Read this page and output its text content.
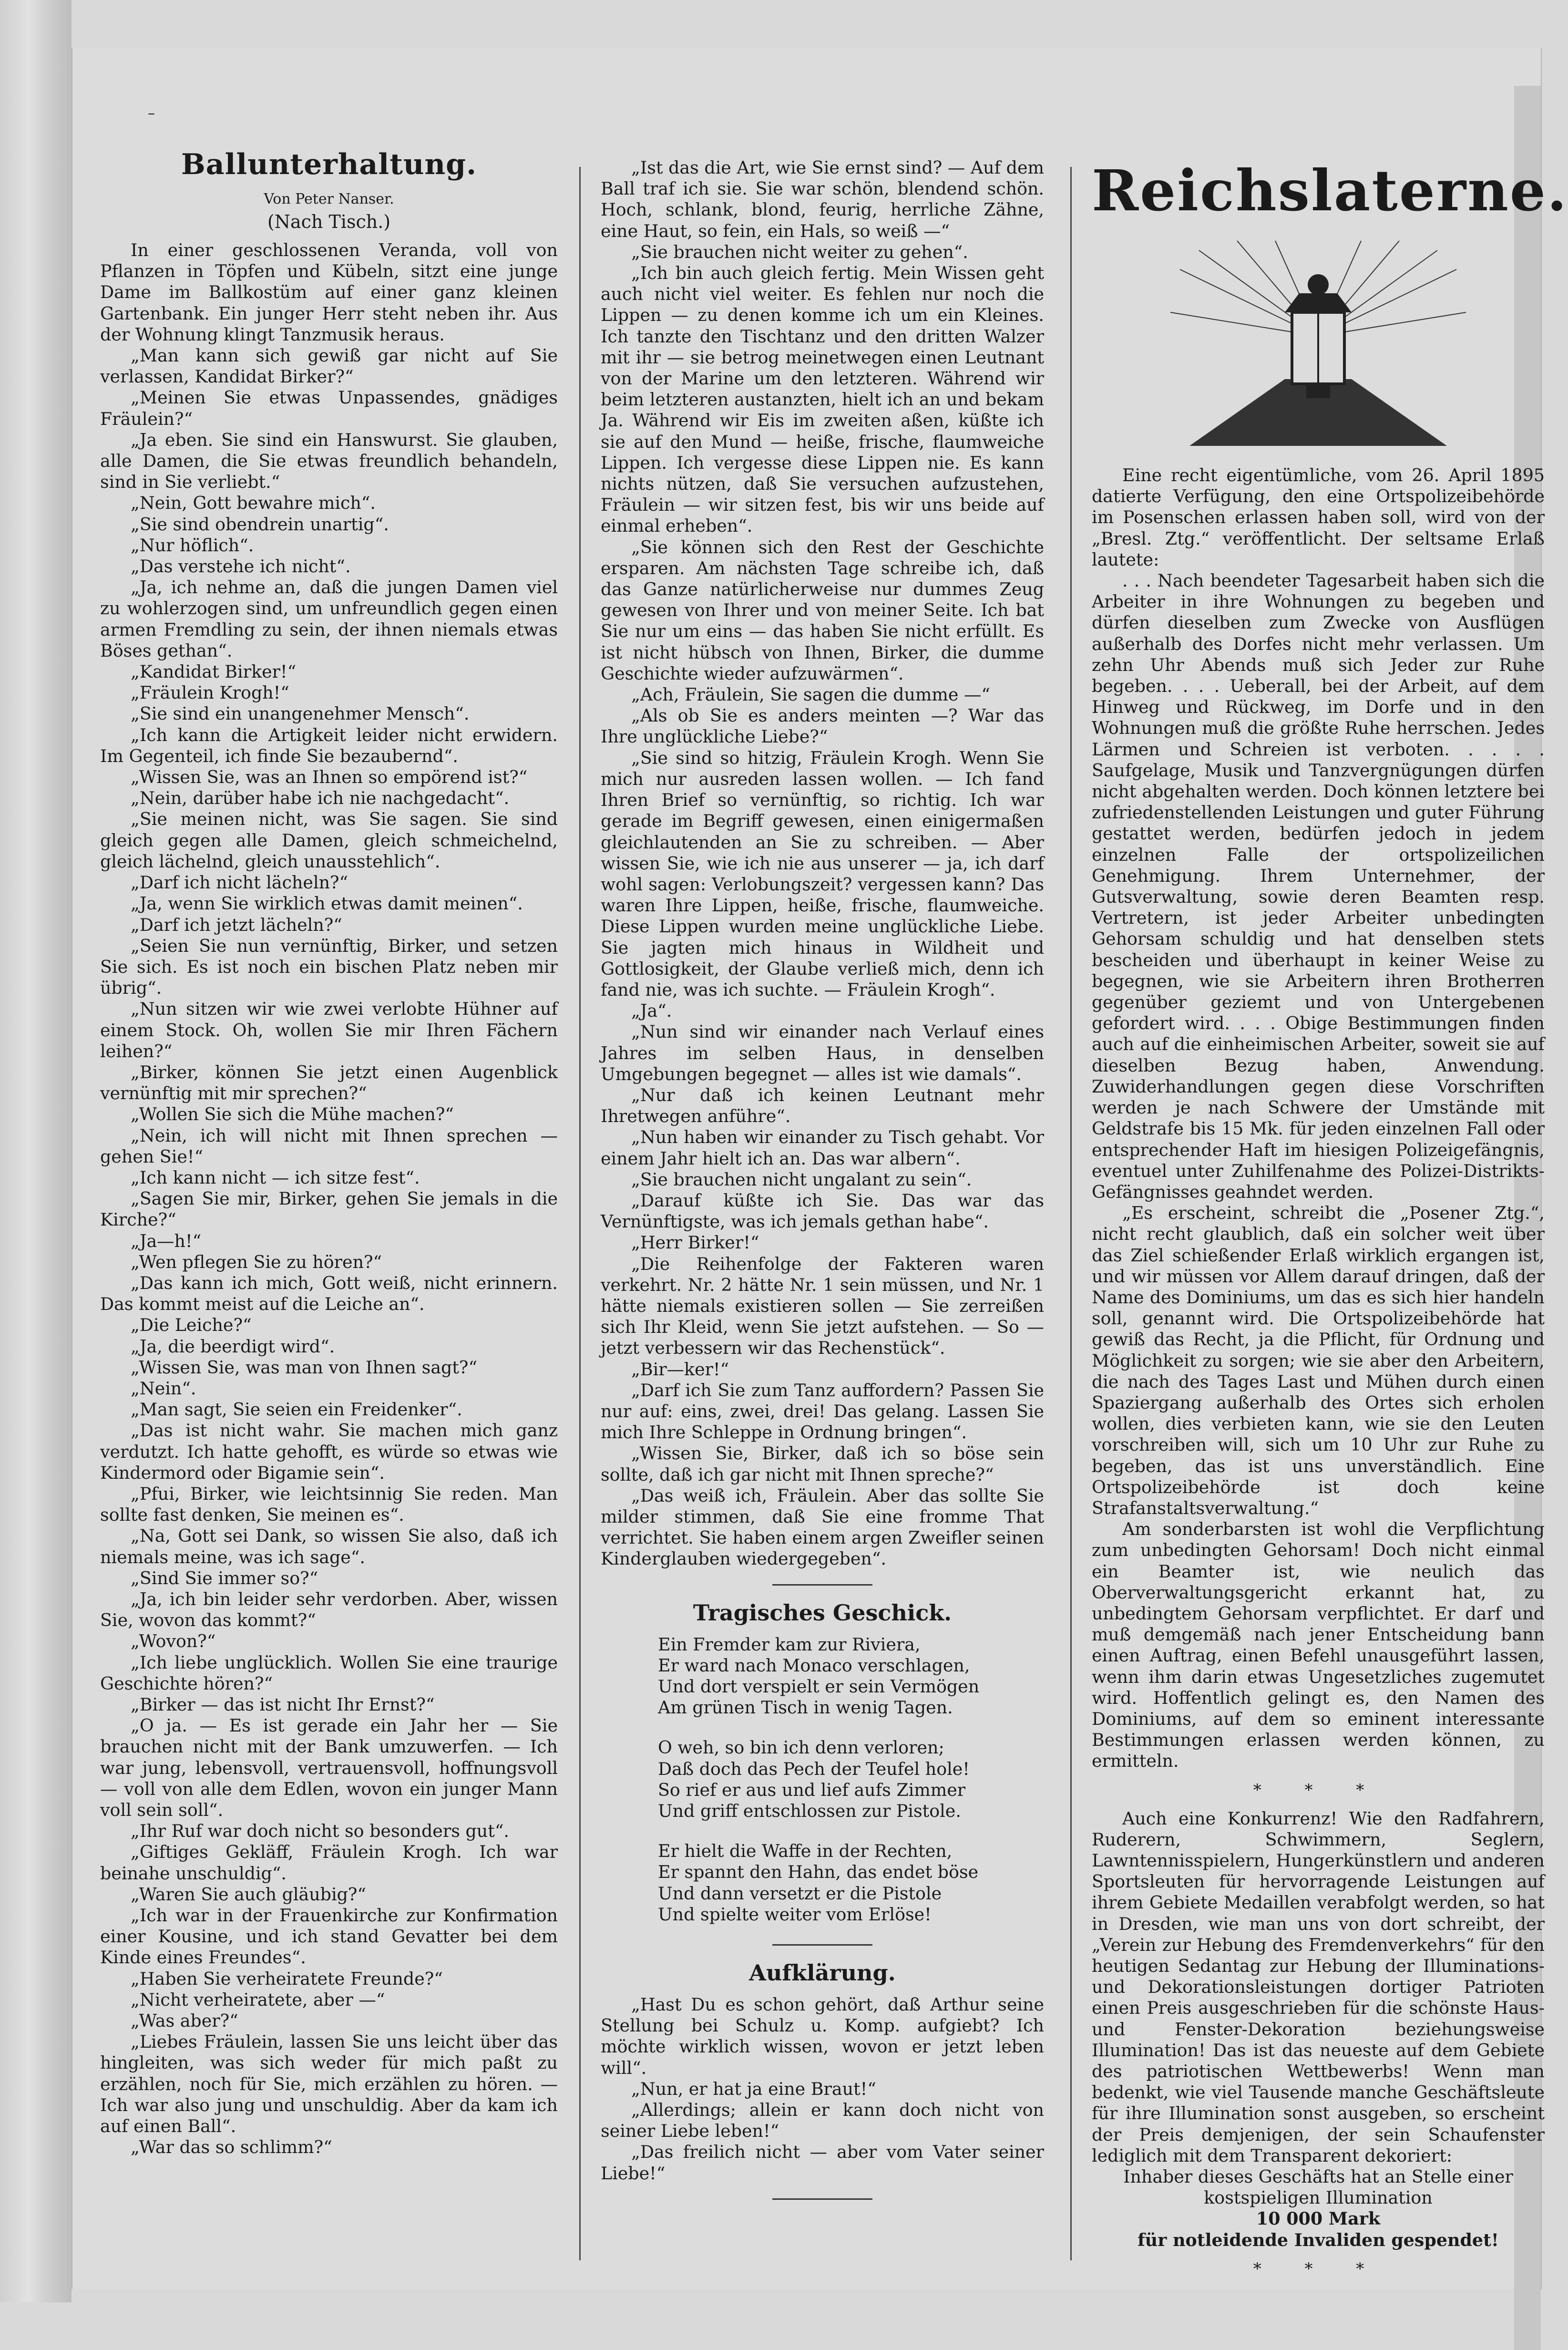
–
Ballunterhaltung.
Von Peter Nanser.
(Nach Tisch.)

In einer geschlossenen Veranda, voll von Pflanzen in Töpfen und Kübeln, sitzt eine junge Dame im Ballkostüm auf einer ganz kleinen Gartenbank. Ein junger Herr steht neben ihr. Aus der Wohnung klingt Tanzmusik heraus.

„Man kann sich gewiß gar nicht auf Sie verlassen, Kandidat Birker?“

„Meinen Sie etwas Unpassendes, gnädiges Fräulein?“

„Ja eben. Sie sind ein Hanswurst. Sie glauben, alle Damen, die Sie etwas freundlich behandeln, sind in Sie verliebt.“

„Nein, Gott bewahre mich“.

„Sie sind obendrein unartig“.

„Nur höflich“.

„Das verstehe ich nicht“.

„Ja, ich nehme an, daß die jungen Damen viel zu wohlerzogen sind, um unfreundlich gegen einen armen Fremdling zu sein, der ihnen niemals etwas Böses gethan“.

„Kandidat Birker!“

„Fräulein Krogh!“

„Sie sind ein unangenehmer Mensch“.

„Ich kann die Artigkeit leider nicht erwidern. Im Gegenteil, ich finde Sie bezaubernd“.

„Wissen Sie, was an Ihnen so empörend ist?“

„Nein, darüber habe ich nie nachgedacht“.

„Sie meinen nicht, was Sie sagen. Sie sind gleich gegen alle Damen, gleich schmeichelnd, gleich lächelnd, gleich unausstehlich“.

„Darf ich nicht lächeln?“

„Ja, wenn Sie wirklich etwas damit meinen“.

„Darf ich jetzt lächeln?“

„Seien Sie nun vernünftig, Birker, und setzen Sie sich. Es ist noch ein bischen Platz neben mir übrig“.

„Nun sitzen wir wie zwei verlobte Hühner auf einem Stock. Oh, wollen Sie mir Ihren Fächern leihen?“

„Birker, können Sie jetzt einen Augenblick vernünftig mit mir sprechen?“

„Wollen Sie sich die Mühe machen?“

„Nein, ich will nicht mit Ihnen sprechen — gehen Sie!“

„Ich kann nicht — ich sitze fest“.

„Sagen Sie mir, Birker, gehen Sie jemals in die Kirche?“

„Ja—h!“

„Wen pflegen Sie zu hören?“

„Das kann ich mich, Gott weiß, nicht erinnern. Das kommt meist auf die Leiche an“.

„Die Leiche?“

„Ja, die beerdigt wird“.

„Wissen Sie, was man von Ihnen sagt?“

„Nein“.

„Man sagt, Sie seien ein Freidenker“.

„Das ist nicht wahr. Sie machen mich ganz verdutzt. Ich hatte gehofft, es würde so etwas wie Kindermord oder Bigamie sein“.

„Pfui, Birker, wie leichtsinnig Sie reden. Man sollte fast denken, Sie meinen es“.

„Na, Gott sei Dank, so wissen Sie also, daß ich niemals meine, was ich sage“.

„Sind Sie immer so?“

„Ja, ich bin leider sehr verdorben. Aber, wissen Sie, wovon das kommt?“

„Wovon?“

„Ich liebe unglücklich. Wollen Sie eine traurige Geschichte hören?“

„Birker — das ist nicht Ihr Ernst?“

„O ja. — Es ist gerade ein Jahr her — Sie brauchen nicht mit der Bank umzuwerfen. — Ich war jung, lebensvoll, vertrauensvoll, hoffnungsvoll — voll von alle dem Edlen, wovon ein junger Mann voll sein soll“.

„Ihr Ruf war doch nicht so besonders gut“.

„Giftiges Gekläff, Fräulein Krogh. Ich war beinahe unschuldig“.

„Waren Sie auch gläubig?“

„Ich war in der Frauenkirche zur Konfirmation einer Kousine, und ich stand Gevatter bei dem Kinde eines Freundes“.

„Haben Sie verheiratete Freunde?“

„Nicht verheiratete, aber —“

„Was aber?“

„Liebes Fräulein, lassen Sie uns leicht über das hingleiten, was sich weder für mich paßt zu erzählen, noch für Sie, mich erzählen zu hören. — Ich war also jung und unschuldig. Aber da kam ich auf einen Ball“.

„War das so schlimm?“

„Ist das die Art, wie Sie ernst sind? — Auf dem Ball traf ich sie. Sie war schön, blendend schön. Hoch, schlank, blond, feurig, herrliche Zähne, eine Haut, so fein, ein Hals, so weiß —“

„Sie brauchen nicht weiter zu gehen“.

„Ich bin auch gleich fertig. Mein Wissen geht auch nicht viel weiter. Es fehlen nur noch die Lippen — zu denen komme ich um ein Kleines. Ich tanzte den Tischtanz und den dritten Walzer mit ihr — sie betrog meinetwegen einen Leutnant von der Marine um den letzteren. Während wir beim letzteren austanzten, hielt ich an und bekam Ja. Während wir Eis im zweiten aßen, küßte ich sie auf den Mund — heiße, frische, flaumweiche Lippen. Ich vergesse diese Lippen nie. Es kann nichts nützen, daß Sie versuchen aufzustehen, Fräulein — wir sitzen fest, bis wir uns beide auf einmal erheben“.

„Sie können sich den Rest der Geschichte ersparen. Am nächsten Tage schreibe ich, daß das Ganze natürlicherweise nur dummes Zeug gewesen von Ihrer und von meiner Seite. Ich bat Sie nur um eins — das haben Sie nicht erfüllt. Es ist nicht hübsch von Ihnen, Birker, die dumme Geschichte wieder aufzuwärmen“.

„Ach, Fräulein, Sie sagen die dumme —“

„Als ob Sie es anders meinten —? War das Ihre unglückliche Liebe?“

„Sie sind so hitzig, Fräulein Krogh. Wenn Sie mich nur ausreden lassen wollen. — Ich fand Ihren Brief so vernünftig, so richtig. Ich war gerade im Begriff gewesen, einen einigermaßen gleichlautenden an Sie zu schreiben. — Aber wissen Sie, wie ich nie aus unserer — ja, ich darf wohl sagen: Verlobungszeit? vergessen kann? Das waren Ihre Lippen, heiße, frische, flaumweiche. Diese Lippen wurden meine unglückliche Liebe. Sie jagten mich hinaus in Wildheit und Gottlosigkeit, der Glaube verließ mich, denn ich fand nie, was ich suchte. — Fräulein Krogh“.

„Ja“.

„Nun sind wir einander nach Verlauf eines Jahres im selben Haus, in denselben Umgebungen begegnet — alles ist wie damals“.

„Nur daß ich keinen Leutnant mehr Ihretwegen anführe“.

„Nun haben wir einander zu Tisch gehabt. Vor einem Jahr hielt ich an. Das war albern“.

„Sie brauchen nicht ungalant zu sein“.

„Darauf küßte ich Sie. Das war das Vernünftigste, was ich jemals gethan habe“.

„Herr Birker!“

„Die Reihenfolge der Fakteren waren verkehrt. Nr. 2 hätte Nr. 1 sein müssen, und Nr. 1 hätte niemals existieren sollen — Sie zerreißen sich Ihr Kleid, wenn Sie jetzt aufstehen. — So — jetzt verbessern wir das Rechenstück“.

„Bir—ker!“

„Darf ich Sie zum Tanz auffordern? Passen Sie nur auf: eins, zwei, drei! Das gelang. Lassen Sie mich Ihre Schleppe in Ordnung bringen“.

„Wissen Sie, Birker, daß ich so böse sein sollte, daß ich gar nicht mit Ihnen spreche?“

„Das weiß ich, Fräulein. Aber das sollte Sie milder stimmen, daß Sie eine fromme That verrichtet. Sie haben einem argen Zweifler seinen Kinderglauben wiedergegeben“.

Tragisches Geschick.
Ein Fremder kam zur Riviera,
Er ward nach Monaco verschlagen,
Und dort verspielt er sein Vermögen
Am grünen Tisch in wenig Tagen.
O weh, so bin ich denn verloren;
Daß doch das Pech der Teufel hole!
So rief er aus und lief aufs Zimmer
Und griff entschlossen zur Pistole.
Er hielt die Waffe in der Rechten,
Er spannt den Hahn, das endet böse
Und dann versetzt er die Pistole
Und spielte weiter vom Erlöse!
Aufklärung.

„Hast Du es schon gehört, daß Arthur seine Stellung bei Schulz u. Komp. aufgiebt? Ich möchte wirklich wissen, wovon er jetzt leben will“.

„Nun, er hat ja eine Braut!“

„Allerdings; allein er kann doch nicht von seiner Liebe leben!“

„Das freilich nicht — aber vom Vater seiner Liebe!“

Reichslaterne.

Eine recht eigentümliche, vom 26. April 1895 datierte Verfügung, den eine Ortspolizeibehörde im Posenschen erlassen haben soll, wird von der „Bresl. Ztg.“ veröffentlicht. Der seltsame Erlaß lautete:

. . . Nach beendeter Tagesarbeit haben sich die Arbeiter in ihre Wohnungen zu begeben und dürfen dieselben zum Zwecke von Ausflügen außerhalb des Dorfes nicht mehr verlassen. Um zehn Uhr Abends muß sich Jeder zur Ruhe begeben. . . . Ueberall, bei der Arbeit, auf dem Hinweg und Rückweg, im Dorfe und in den Wohnungen muß die größte Ruhe herrschen. Jedes Lärmen und Schreien ist verboten. . . . . Saufgelage, Musik und Tanzvergnügungen dürfen nicht abgehalten werden. Doch können letztere bei zufriedenstellenden Leistungen und guter Führung gestattet werden, bedürfen jedoch in jedem einzelnen Falle der ortspolizeilichen Genehmigung. Ihrem Unternehmer, der Gutsverwaltung, sowie deren Beamten resp. Vertretern, ist jeder Arbeiter unbedingten Gehorsam schuldig und hat denselben stets bescheiden und überhaupt in keiner Weise zu begegnen, wie sie Arbeitern ihren Brotherren gegenüber geziemt und von Untergebenen gefordert wird. . . . Obige Bestimmungen finden auch auf die einheimischen Arbeiter, soweit sie auf dieselben Bezug haben, Anwendung. Zuwiderhandlungen gegen diese Vorschriften werden je nach Schwere der Umstände mit Geldstrafe bis 15 Mk. für jeden einzelnen Fall oder entsprechender Haft im hiesigen Polizeigefängnis, eventuel unter Zuhilfenahme des Polizei-Distrikts-Gefängnisses geahndet werden.

„Es erscheint, schreibt die „Posener Ztg.“, nicht recht glaublich, daß ein solcher weit über das Ziel schießender Erlaß wirklich ergangen ist, und wir müssen vor Allem darauf dringen, daß der Name des Dominiums, um das es sich hier handeln soll, genannt wird. Die Ortspolizeibehörde hat gewiß das Recht, ja die Pflicht, für Ordnung und Möglichkeit zu sorgen; wie sie aber den Arbeitern, die nach des Tages Last und Mühen durch einen Spaziergang außerhalb des Ortes sich erholen wollen, dies verbieten kann, wie sie den Leuten vorschreiben will, sich um 10 Uhr zur Ruhe zu begeben, das ist uns unverständlich. Eine Ortspolizeibehörde ist doch keine Strafanstaltsverwaltung.“

Am sonderbarsten ist wohl die Verpflichtung zum unbedingten Gehorsam! Doch nicht einmal ein Beamter ist, wie neulich das Oberverwaltungsgericht erkannt hat, zu unbedingtem Gehorsam verpflichtet. Er darf und muß demgemäß nach jener Entscheidung bann einen Auftrag, einen Befehl unausgeführt lassen, wenn ihm darin etwas Ungesetzliches zugemutet wird. Hoffentlich gelingt es, den Namen des Dominiums, auf dem so eminent interessante Bestimmungen erlassen werden können, zu ermitteln.

* * *

Auch eine Konkurrenz! Wie den Radfahrern, Ruderern, Schwimmern, Seglern, Lawntennisspielern, Hungerkünstlern und anderen Sportsleuten für hervorragende Leistungen auf ihrem Gebiete Medaillen verabfolgt werden, so hat in Dresden, wie man uns von dort schreibt, der „Verein zur Hebung des Fremdenverkehrs“ für den heutigen Sedantag zur Hebung der Illuminations- und Dekorationsleistungen dortiger Patrioten einen Preis ausgeschrieben für die schönste Haus- und Fenster-Dekoration beziehungsweise Illumination! Das ist das neueste auf dem Gebiete des patriotischen Wettbewerbs! Wenn man bedenkt, wie viel Tausende manche Geschäftsleute für ihre Illumination sonst ausgeben, so erscheint der Preis demjenigen, der sein Schaufenster lediglich mit dem Transparent dekoriert:

Inhaber dieses Geschäfts hat an Stelle einer kostspieligen Illumination

10 000 Mark

für notleidende Invaliden gespendet!

* * *
